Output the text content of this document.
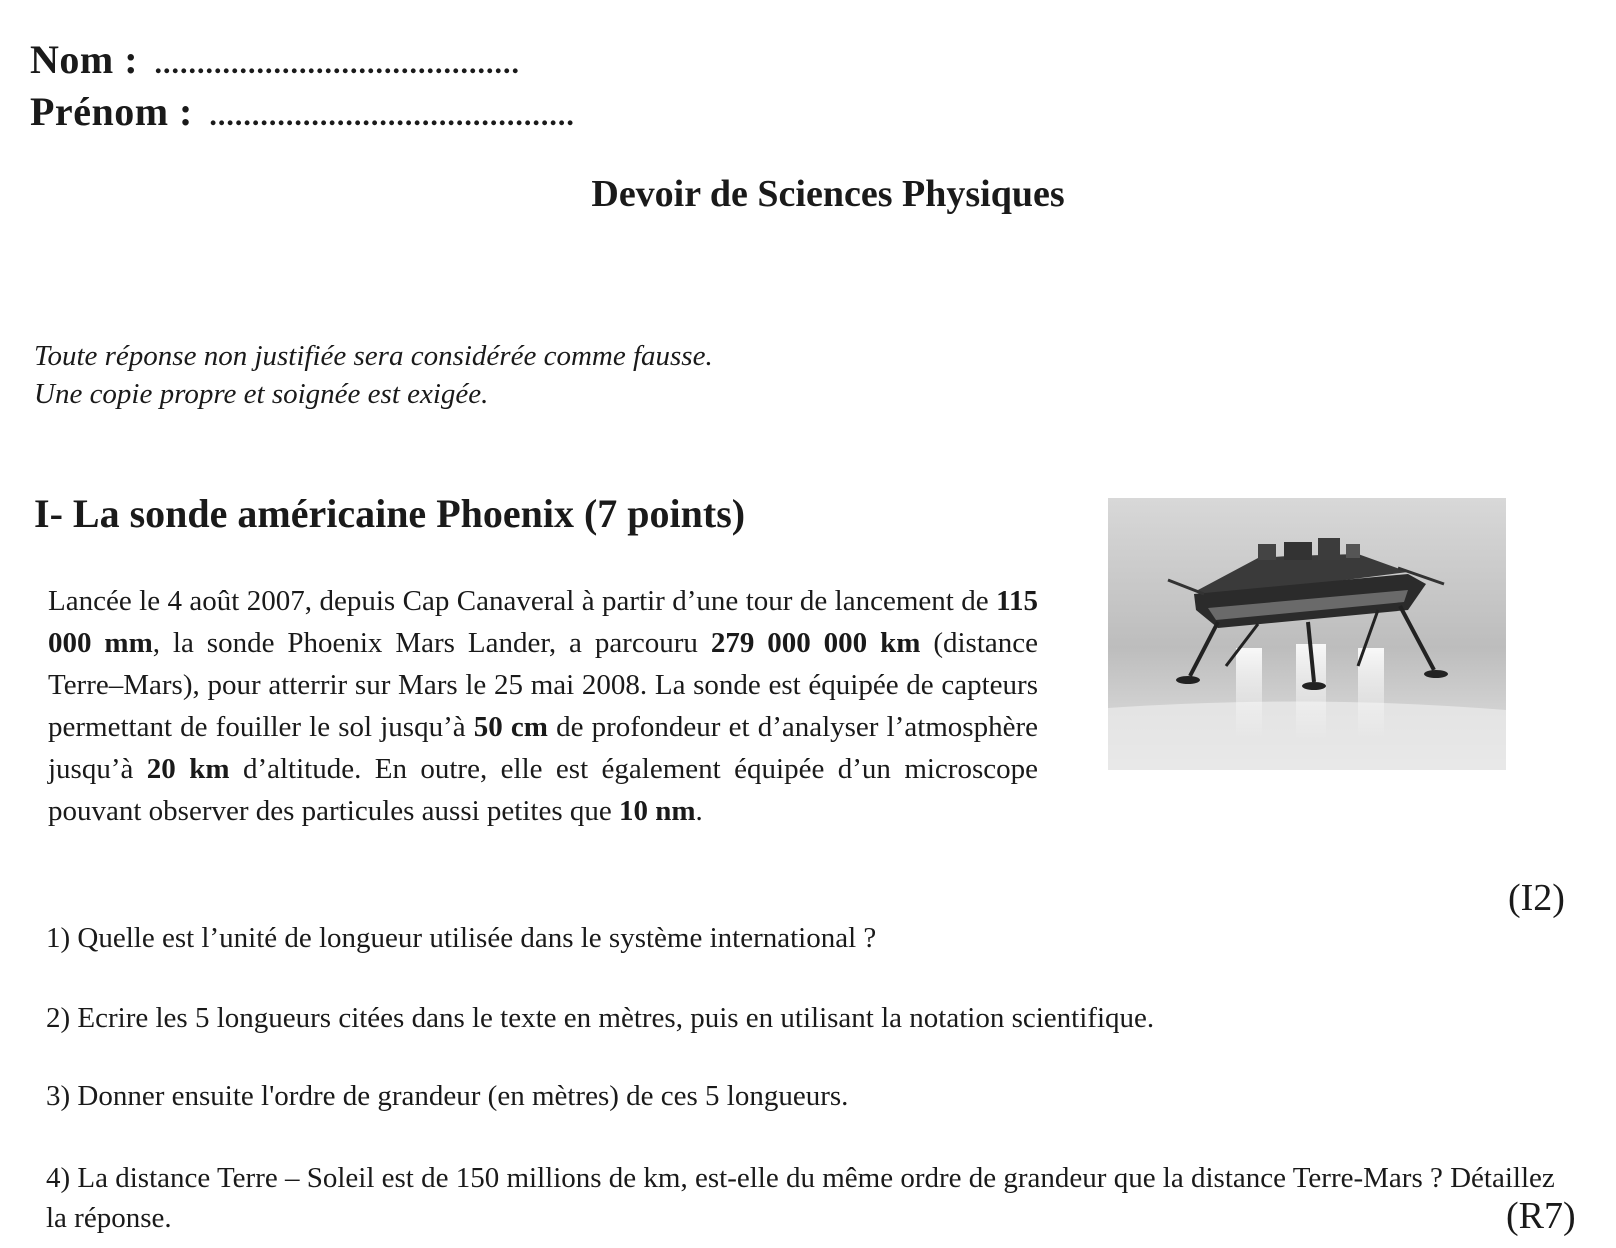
Nom : ...........................................
Prénom : ...........................................
Devoir de Sciences Physiques
Toute réponse non justifiée sera considérée comme fausse.
Une copie propre et soignée est exigée.
I- La sonde américaine Phoenix (7 points)
Lancée le 4 août 2007, depuis Cap Canaveral à partir d’une tour de lancement de 115 000 mm, la sonde Phoenix Mars Lander, a parcouru 279 000 000 km (distance Terre–Mars), pour atterrir sur Mars le 25 mai 2008. La sonde est équipée de capteurs permettant de fouiller le sol jusqu’à 50 cm de profondeur et d’analyser l’atmosphère jusqu’à 20 km d’altitude. En outre, elle est également équipée d’un microscope pouvant observer des particules aussi petites que 10 nm.
(I2)
1) Quelle est l’unité de longueur utilisée dans le système international ?
2) Ecrire les 5 longueurs citées dans le texte en mètres, puis en utilisant la notation scientifique.
3) Donner ensuite l'ordre de grandeur (en mètres) de ces 5 longueurs.
4) La distance Terre – Soleil est de 150 millions de km, est-elle du même ordre de grandeur que la distance Terre-Mars ? Détaillez la réponse.	(R7)
